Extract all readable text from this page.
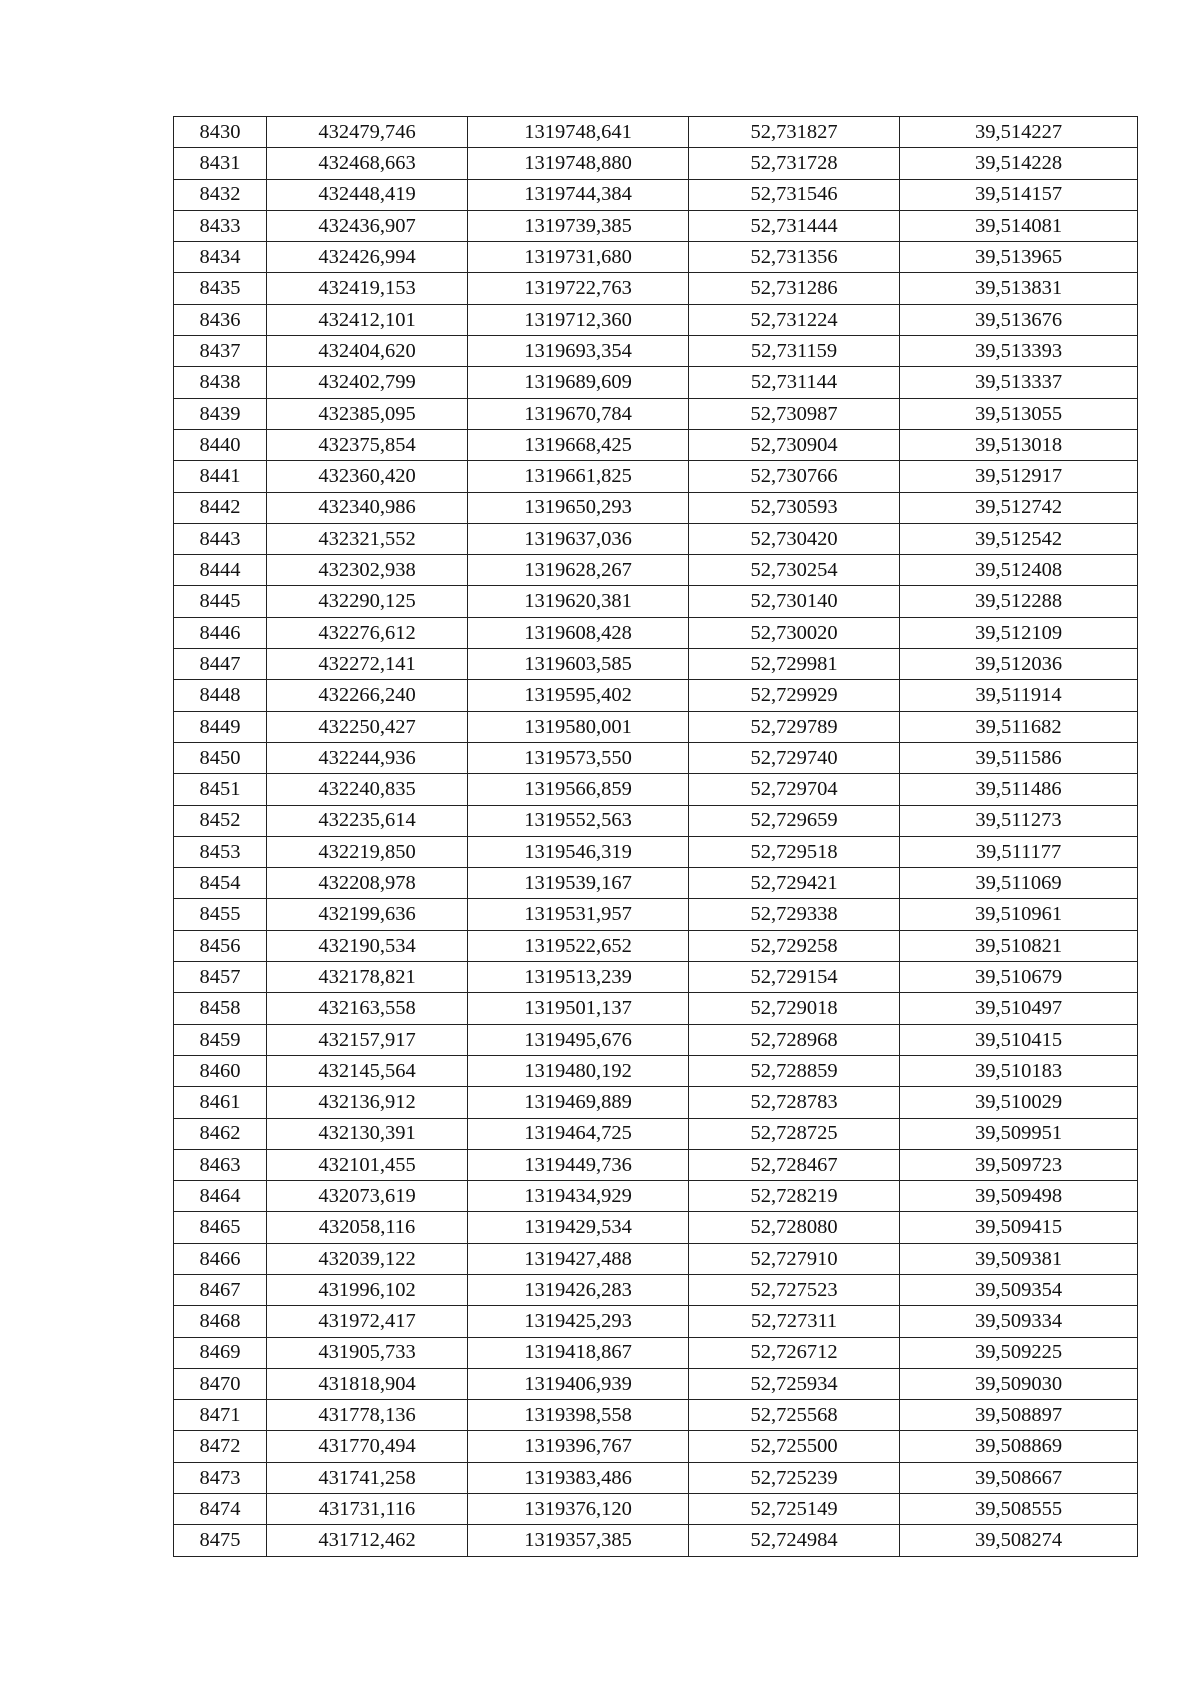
8430	432479,746	1319748,641	52,731827	39,514227
8431	432468,663	1319748,880	52,731728	39,514228
8432	432448,419	1319744,384	52,731546	39,514157
8433	432436,907	1319739,385	52,731444	39,514081
8434	432426,994	1319731,680	52,731356	39,513965
8435	432419,153	1319722,763	52,731286	39,513831
8436	432412,101	1319712,360	52,731224	39,513676
8437	432404,620	1319693,354	52,731159	39,513393
8438	432402,799	1319689,609	52,731144	39,513337
8439	432385,095	1319670,784	52,730987	39,513055
8440	432375,854	1319668,425	52,730904	39,513018
8441	432360,420	1319661,825	52,730766	39,512917
8442	432340,986	1319650,293	52,730593	39,512742
8443	432321,552	1319637,036	52,730420	39,512542
8444	432302,938	1319628,267	52,730254	39,512408
8445	432290,125	1319620,381	52,730140	39,512288
8446	432276,612	1319608,428	52,730020	39,512109
8447	432272,141	1319603,585	52,729981	39,512036
8448	432266,240	1319595,402	52,729929	39,511914
8449	432250,427	1319580,001	52,729789	39,511682
8450	432244,936	1319573,550	52,729740	39,511586
8451	432240,835	1319566,859	52,729704	39,511486
8452	432235,614	1319552,563	52,729659	39,511273
8453	432219,850	1319546,319	52,729518	39,511177
8454	432208,978	1319539,167	52,729421	39,511069
8455	432199,636	1319531,957	52,729338	39,510961
8456	432190,534	1319522,652	52,729258	39,510821
8457	432178,821	1319513,239	52,729154	39,510679
8458	432163,558	1319501,137	52,729018	39,510497
8459	432157,917	1319495,676	52,728968	39,510415
8460	432145,564	1319480,192	52,728859	39,510183
8461	432136,912	1319469,889	52,728783	39,510029
8462	432130,391	1319464,725	52,728725	39,509951
8463	432101,455	1319449,736	52,728467	39,509723
8464	432073,619	1319434,929	52,728219	39,509498
8465	432058,116	1319429,534	52,728080	39,509415
8466	432039,122	1319427,488	52,727910	39,509381
8467	431996,102	1319426,283	52,727523	39,509354
8468	431972,417	1319425,293	52,727311	39,509334
8469	431905,733	1319418,867	52,726712	39,509225
8470	431818,904	1319406,939	52,725934	39,509030
8471	431778,136	1319398,558	52,725568	39,508897
8472	431770,494	1319396,767	52,725500	39,508869
8473	431741,258	1319383,486	52,725239	39,508667
8474	431731,116	1319376,120	52,725149	39,508555
8475	431712,462	1319357,385	52,724984	39,508274
